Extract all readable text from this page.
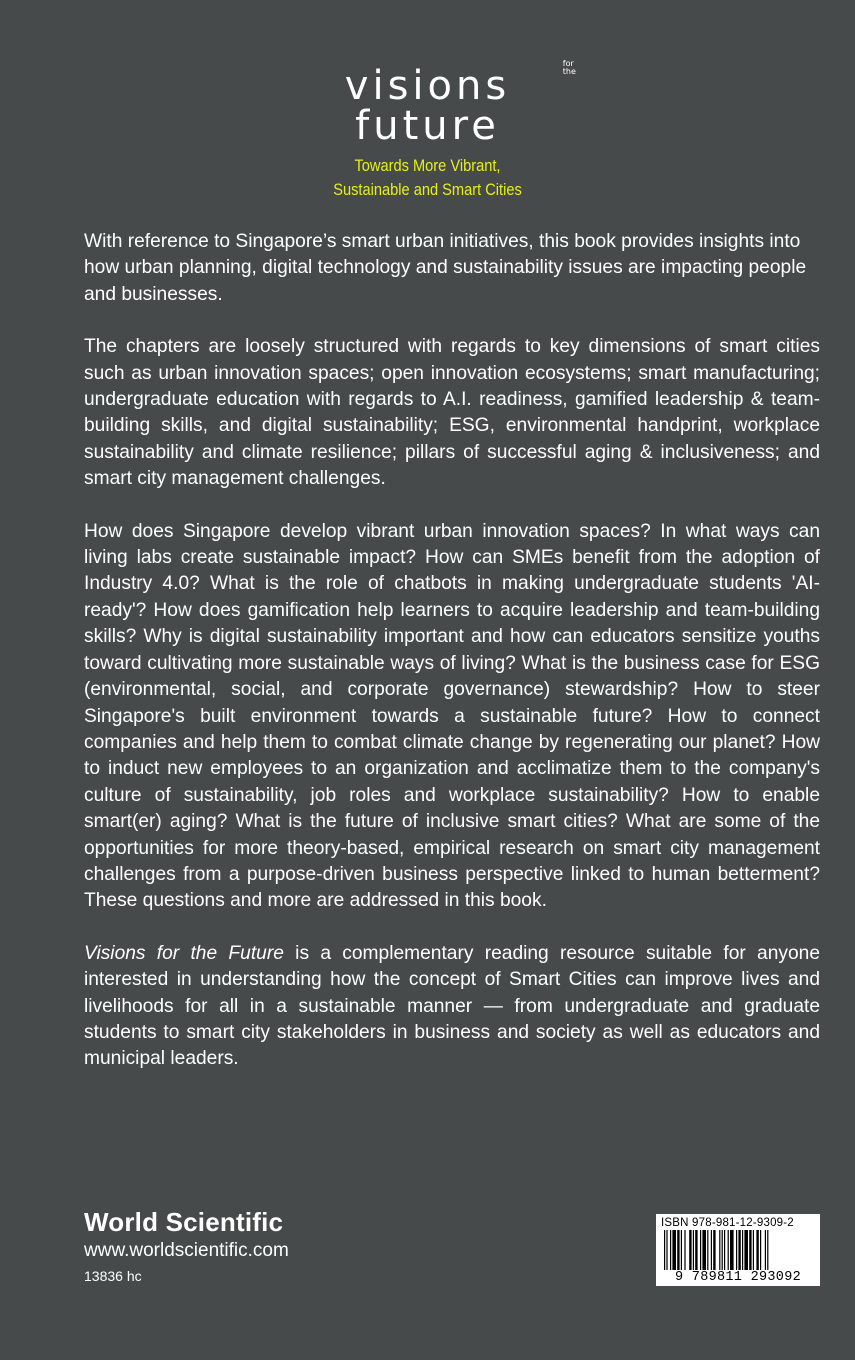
visions	for
the

future
Towards More Vibrant,
Sustainable and Smart Cities

With reference to Singapore’s smart urban initiatives, this book provides insights into how urban planning, digital technology and sustainability issues are impacting people and businesses.

The chapters are loosely structured with regards to key dimensions of smart cities such as urban innovation spaces; open innovation ecosystems; smart manufacturing; undergraduate education with regards to A.I. readiness, gamified leadership & team-building skills, and digital sustainability; ESG, environmental handprint, workplace sustainability and climate resilience; pillars of successful aging & inclusiveness; and smart city management challenges.

How does Singapore develop vibrant urban innovation spaces? In what ways can living labs create sustainable impact? How can SMEs benefit from the adoption of Industry 4.0? What is the role of chatbots in making undergraduate students 'AI-ready'? How does gamification help learners to acquire leadership and team-building skills? Why is digital sustainability important and how can educators sensitize youths toward cultivating more sustainable ways of living? What is the business case for ESG (environmental, social, and corporate governance) stewardship? How to steer Singapore's built environment towards a sustainable future? How to connect companies and help them to combat climate change by regenerating our planet? How to induct new employees to an organization and acclimatize them to the company's culture of sustainability, job roles and workplace sustainability? How to enable smart(er) aging? What is the future of inclusive smart cities? What are some of the opportunities for more theory-based, empirical research on smart city management challenges from a purpose-driven business perspective linked to human betterment? These questions and more are addressed in this book.

Visions for the Future is a complementary reading resource suitable for anyone interested in understanding how the concept of Smart Cities can improve lives and livelihoods for all in a sustainable manner — from undergraduate and graduate students to smart city stakeholders in business and society as well as educators and municipal leaders.

World Scientific
www.worldscientific.com
13836 hc
ISBN 978-981-12-9309-2
9 789811 293092
